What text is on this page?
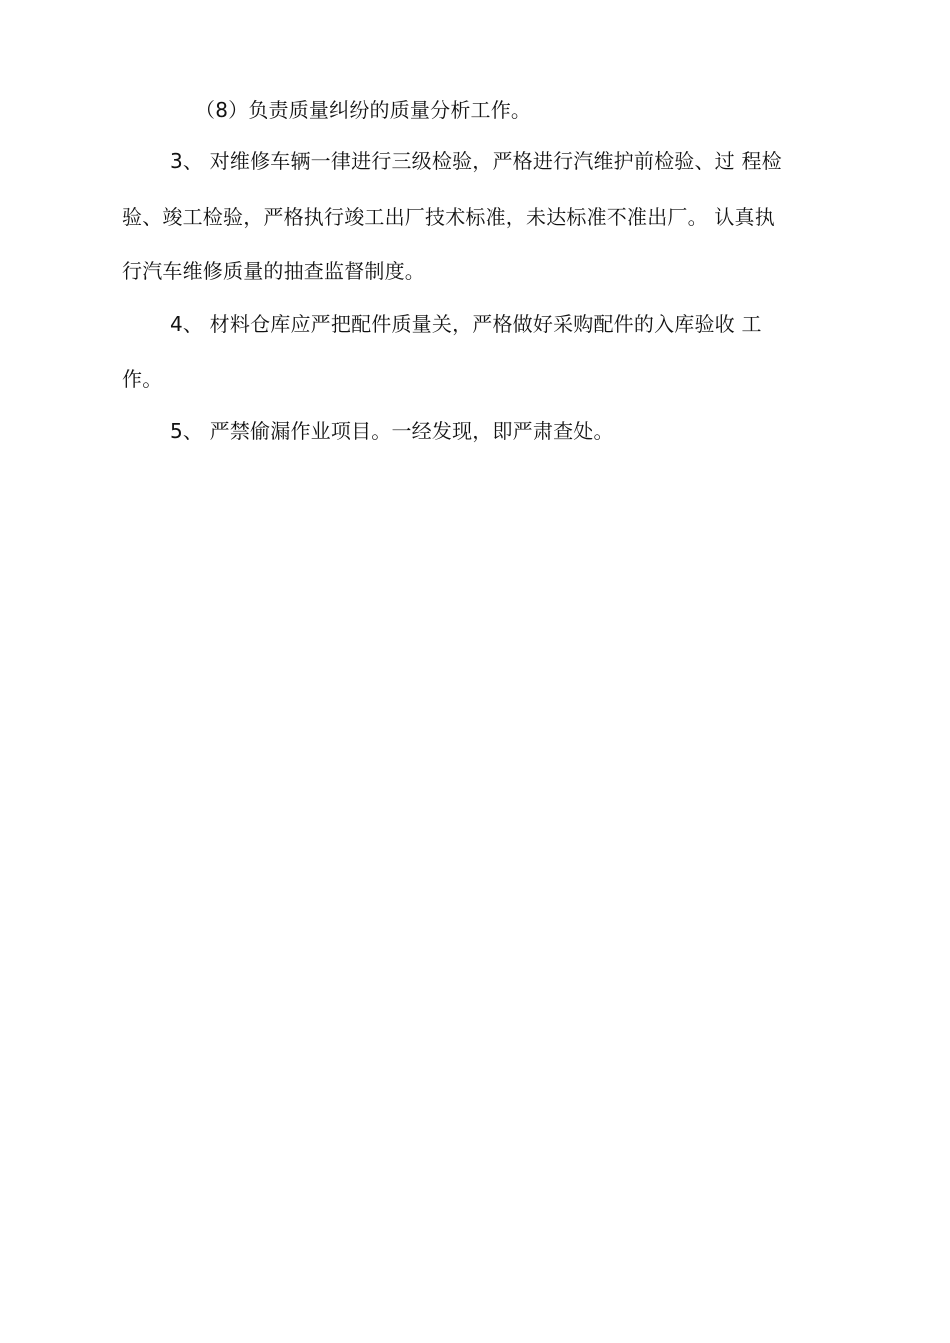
（8）负责质量纠纷的质量分析工作。
3、 对维修车辆一律进行三级检验，严格进行汽维护前检验、过 程检
验、竣工检验，严格执行竣工出厂技术标准，未达标准不准出厂。 认真执
行汽车维修质量的抽查监督制度。
4、 材料仓库应严把配件质量关，严格做好采购配件的入库验收 工
作。
5、 严禁偷漏作业项目。一经发现，即严肃查处。
